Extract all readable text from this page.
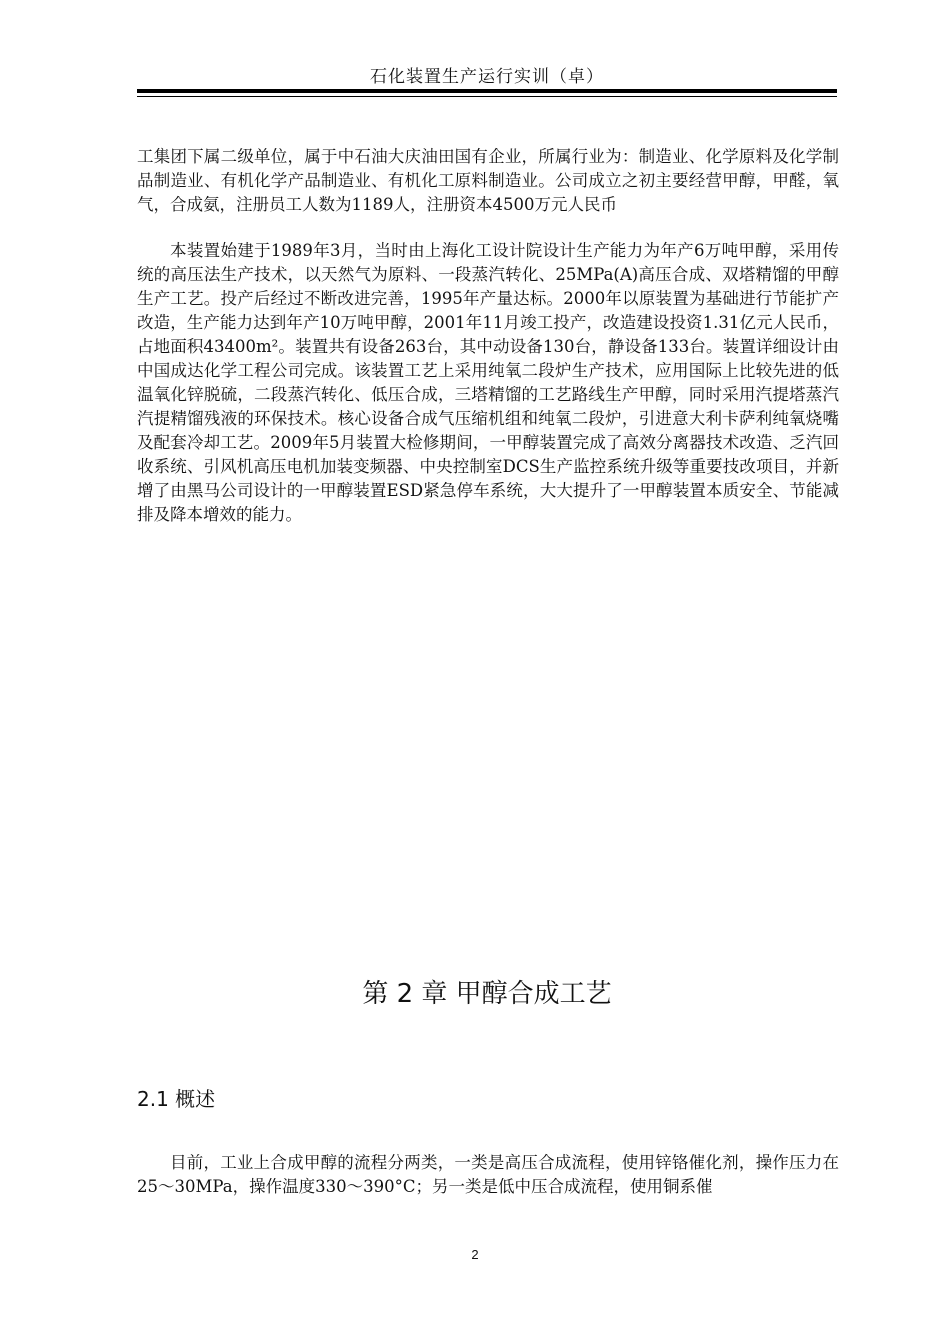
石化装置生产运行实训（卓）

工集团下属二级单位，属于中石油大庆油田国有企业，所属行业为：制造业、化学原料及化学制品制造业、有机化学产品制造业、有机化工原料制造业。公司成立之初主要经营甲醇，甲醛，氧气，合成氨，注册员工人数为1189人，注册资本4500万元人民币

本装置始建于1989年3月，当时由上海化工设计院设计生产能力为年产6万吨甲醇，采用传统的高压法生产技术，以天然气为原料、一段蒸汽转化、25MPa(A)高压合成、双塔精馏的甲醇生产工艺。投产后经过不断改进完善，1995年产量达标。2000年以原装置为基础进行节能扩产改造，生产能力达到年产10万吨甲醇，2001年11月竣工投产，改造建设投资1.31亿元人民币，占地面积43400m²。装置共有设备263台，其中动设备130台，静设备133台。装置详细设计由中国成达化学工程公司完成。该装置工艺上采用纯氧二段炉生产技术，应用国际上比较先进的低温氧化锌脱硫，二段蒸汽转化、低压合成，三塔精馏的工艺路线生产甲醇，同时采用汽提塔蒸汽汽提精馏残液的环保技术。核心设备合成气压缩机组和纯氧二段炉，引进意大利卡萨利纯氧烧嘴及配套冷却工艺。2009年5月装置大检修期间，一甲醇装置完成了高效分离器技术改造、乏汽回收系统、引风机高压电机加装变频器、中央控制室DCS生产监控系统升级等重要技改项目，并新增了由黑马公司设计的一甲醇装置ESD紧急停车系统，大大提升了一甲醇装置本质安全、节能减排及降本增效的能力。

第 2 章 甲醇合成工艺
2.1 概述

目前，工业上合成甲醇的流程分两类，一类是高压合成流程，使用锌铬催化剂，操作压力在25～30MPa，操作温度330～390°C；另一类是低中压合成流程，使用铜系催

2
